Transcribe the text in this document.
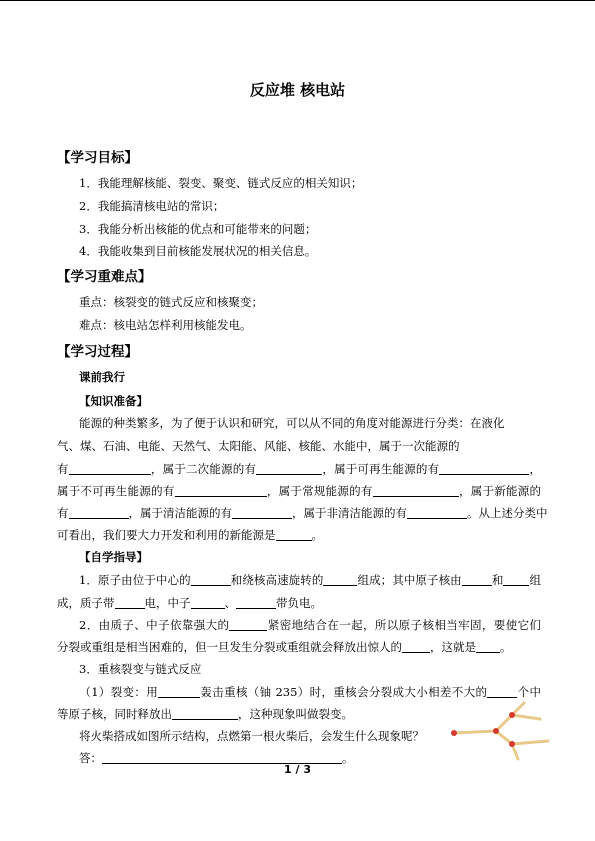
反应堆 核电站
【学习目标】
1．我能理解核能、裂变、聚变、链式反应的相关知识；
2．我能搞清核电站的常识；
3．我能分析出核能的优点和可能带来的问题；
4．我能收集到目前核能发展状况的相关信息。
【学习重难点】
重点：核裂变的链式反应和核聚变；
难点：核电站怎样利用核能发电。
【学习过程】
课前我行
【知识准备】
能源的种类繁多，为了便于认识和研究，可以从不同的角度对能源进行分类：在液化
气、煤、石油、电能、天然气、太阳能、风能、核能、水能中，属于一次能源的
有	，属于二次能源的有	，属于可再生能源的有	，
属于不可再生能源的有	，属于常规能源的有	，属于新能源的
有	，属于清洁能源的有	，属于非清洁能源的有	。从上述分类中
可看出，我们要大力开发和利用的新能源是	。
【自学指导】
1．原子由位于中心的	和绕核高速旋转的	组成；其中原子核由	和 组
成，质子带	电，中子	、	带负电。
2．由质子、中子依靠强大的	紧密地结合在一起，所以原子核相当牢固，要使它们
分裂或重组是相当困难的，但一旦发生分裂或重组就会释放出惊人的 ，这就是 。
3．重核裂变与链式反应
（1）裂变：用	轰击重核（铀 235）时，重核会分裂成大小相差不大的	个中
等原子核，同时释放出	，这种现象叫做裂变。
将火柴搭成如图所示结构，点燃第一根火柴后，会发生什么现象呢？
答：	。
1 / 3
